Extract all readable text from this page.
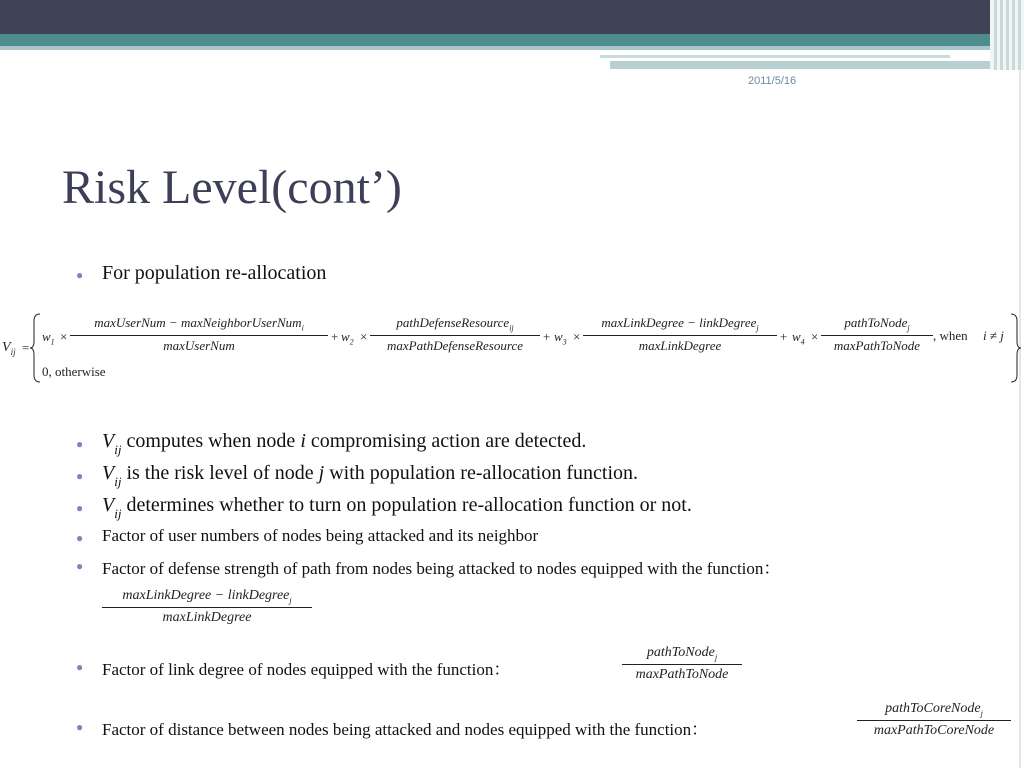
2011/5/16
Risk Level(cont’)
● For population re-allocation
$V_{ij}$ =
$w_1$ ×
maxUserNum − maxNeighborUserNum$_i$
maxUserNum
+ $w_2$ ×
pathDefenseResource$_{ij}$
maxPathDefenseResource
+ $w_3$ ×
maxLinkDegree − linkDegree$_j$
maxLinkDegree
+ $w_4$ ×
pathToNode$_j$
maxPathToNode
, when i ≠ j
0, otherwise
● $V_{ij}$ computes when node i compromising action are detected.
● $V_{ij}$ is the risk level of node j with population re-allocation function.
● $V_{ij}$ determines whether to turn on population re-allocation function or not.
● Factor of user numbers of nodes being attacked and its neighbor
● Factor of defense strength of path from nodes being attacked to nodes equipped with the function：
maxLinkDegree − linkDegree$_j$
maxLinkDegree
● Factor of link degree of nodes equipped with the function：
pathToNode$_j$
maxPathToNode
● Factor of distance between nodes being attacked and nodes equipped with the function：
pathToCoreNode$_j$
maxPathToCoreNode
